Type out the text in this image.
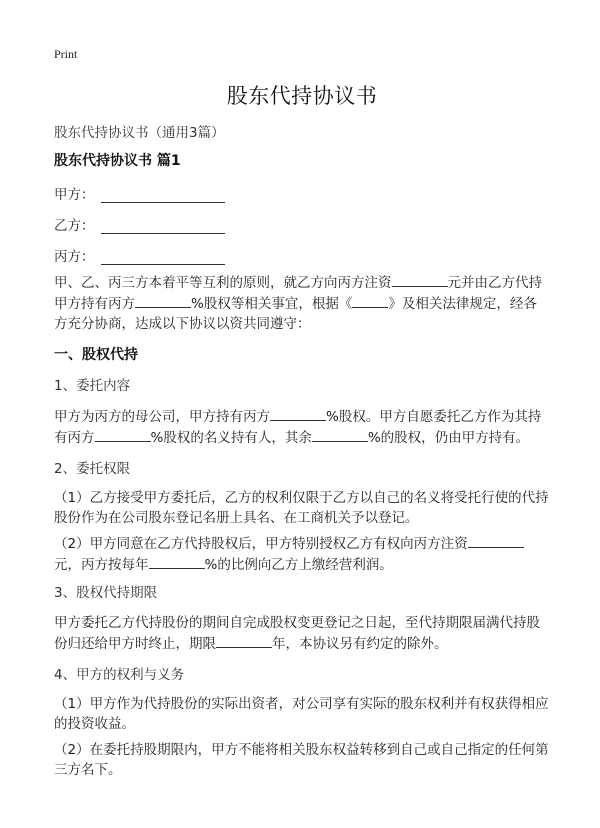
Print
股东代持协议书
股东代持协议书（通用3篇）
股东代持协议书 篇1
甲方：
乙方：
丙方：
甲、乙、丙三方本着平等互利的原则，就乙方向丙方注资	元并由乙方代持甲方持有丙方	%股权等相关事宜，根据《	》及相关法律规定，经各方充分协商，达成以下协议以资共同遵守：
一、股权代持
1、委托内容
甲方为丙方的母公司，甲方持有丙方	%股权。甲方自愿委托乙方作为其持有丙方	%股权的名义持有人，其余	%的股权，仍由甲方持有。
2、委托权限
（1）乙方接受甲方委托后，乙方的权利仅限于乙方以自己的名义将受托行使的代持股份作为在公司股东登记名册上具名、在工商机关予以登记。
（2）甲方同意在乙方代持股权后，甲方特别授权乙方有权向丙方注资元，丙方按每年	%的比例向乙方上缴经营利润。
3、股权代持期限
甲方委托乙方代持股份的期间自完成股权变更登记之日起，至代持期限届满代持股份归还给甲方时终止，期限	年，本协议另有约定的除外。
4、甲方的权利与义务
（1）甲方作为代持股份的实际出资者，对公司享有实际的股东权利并有权获得相应的投资收益。
（2）在委托持股期限内，甲方不能将相关股东权益转移到自己或自己指定的任何第三方名下。
